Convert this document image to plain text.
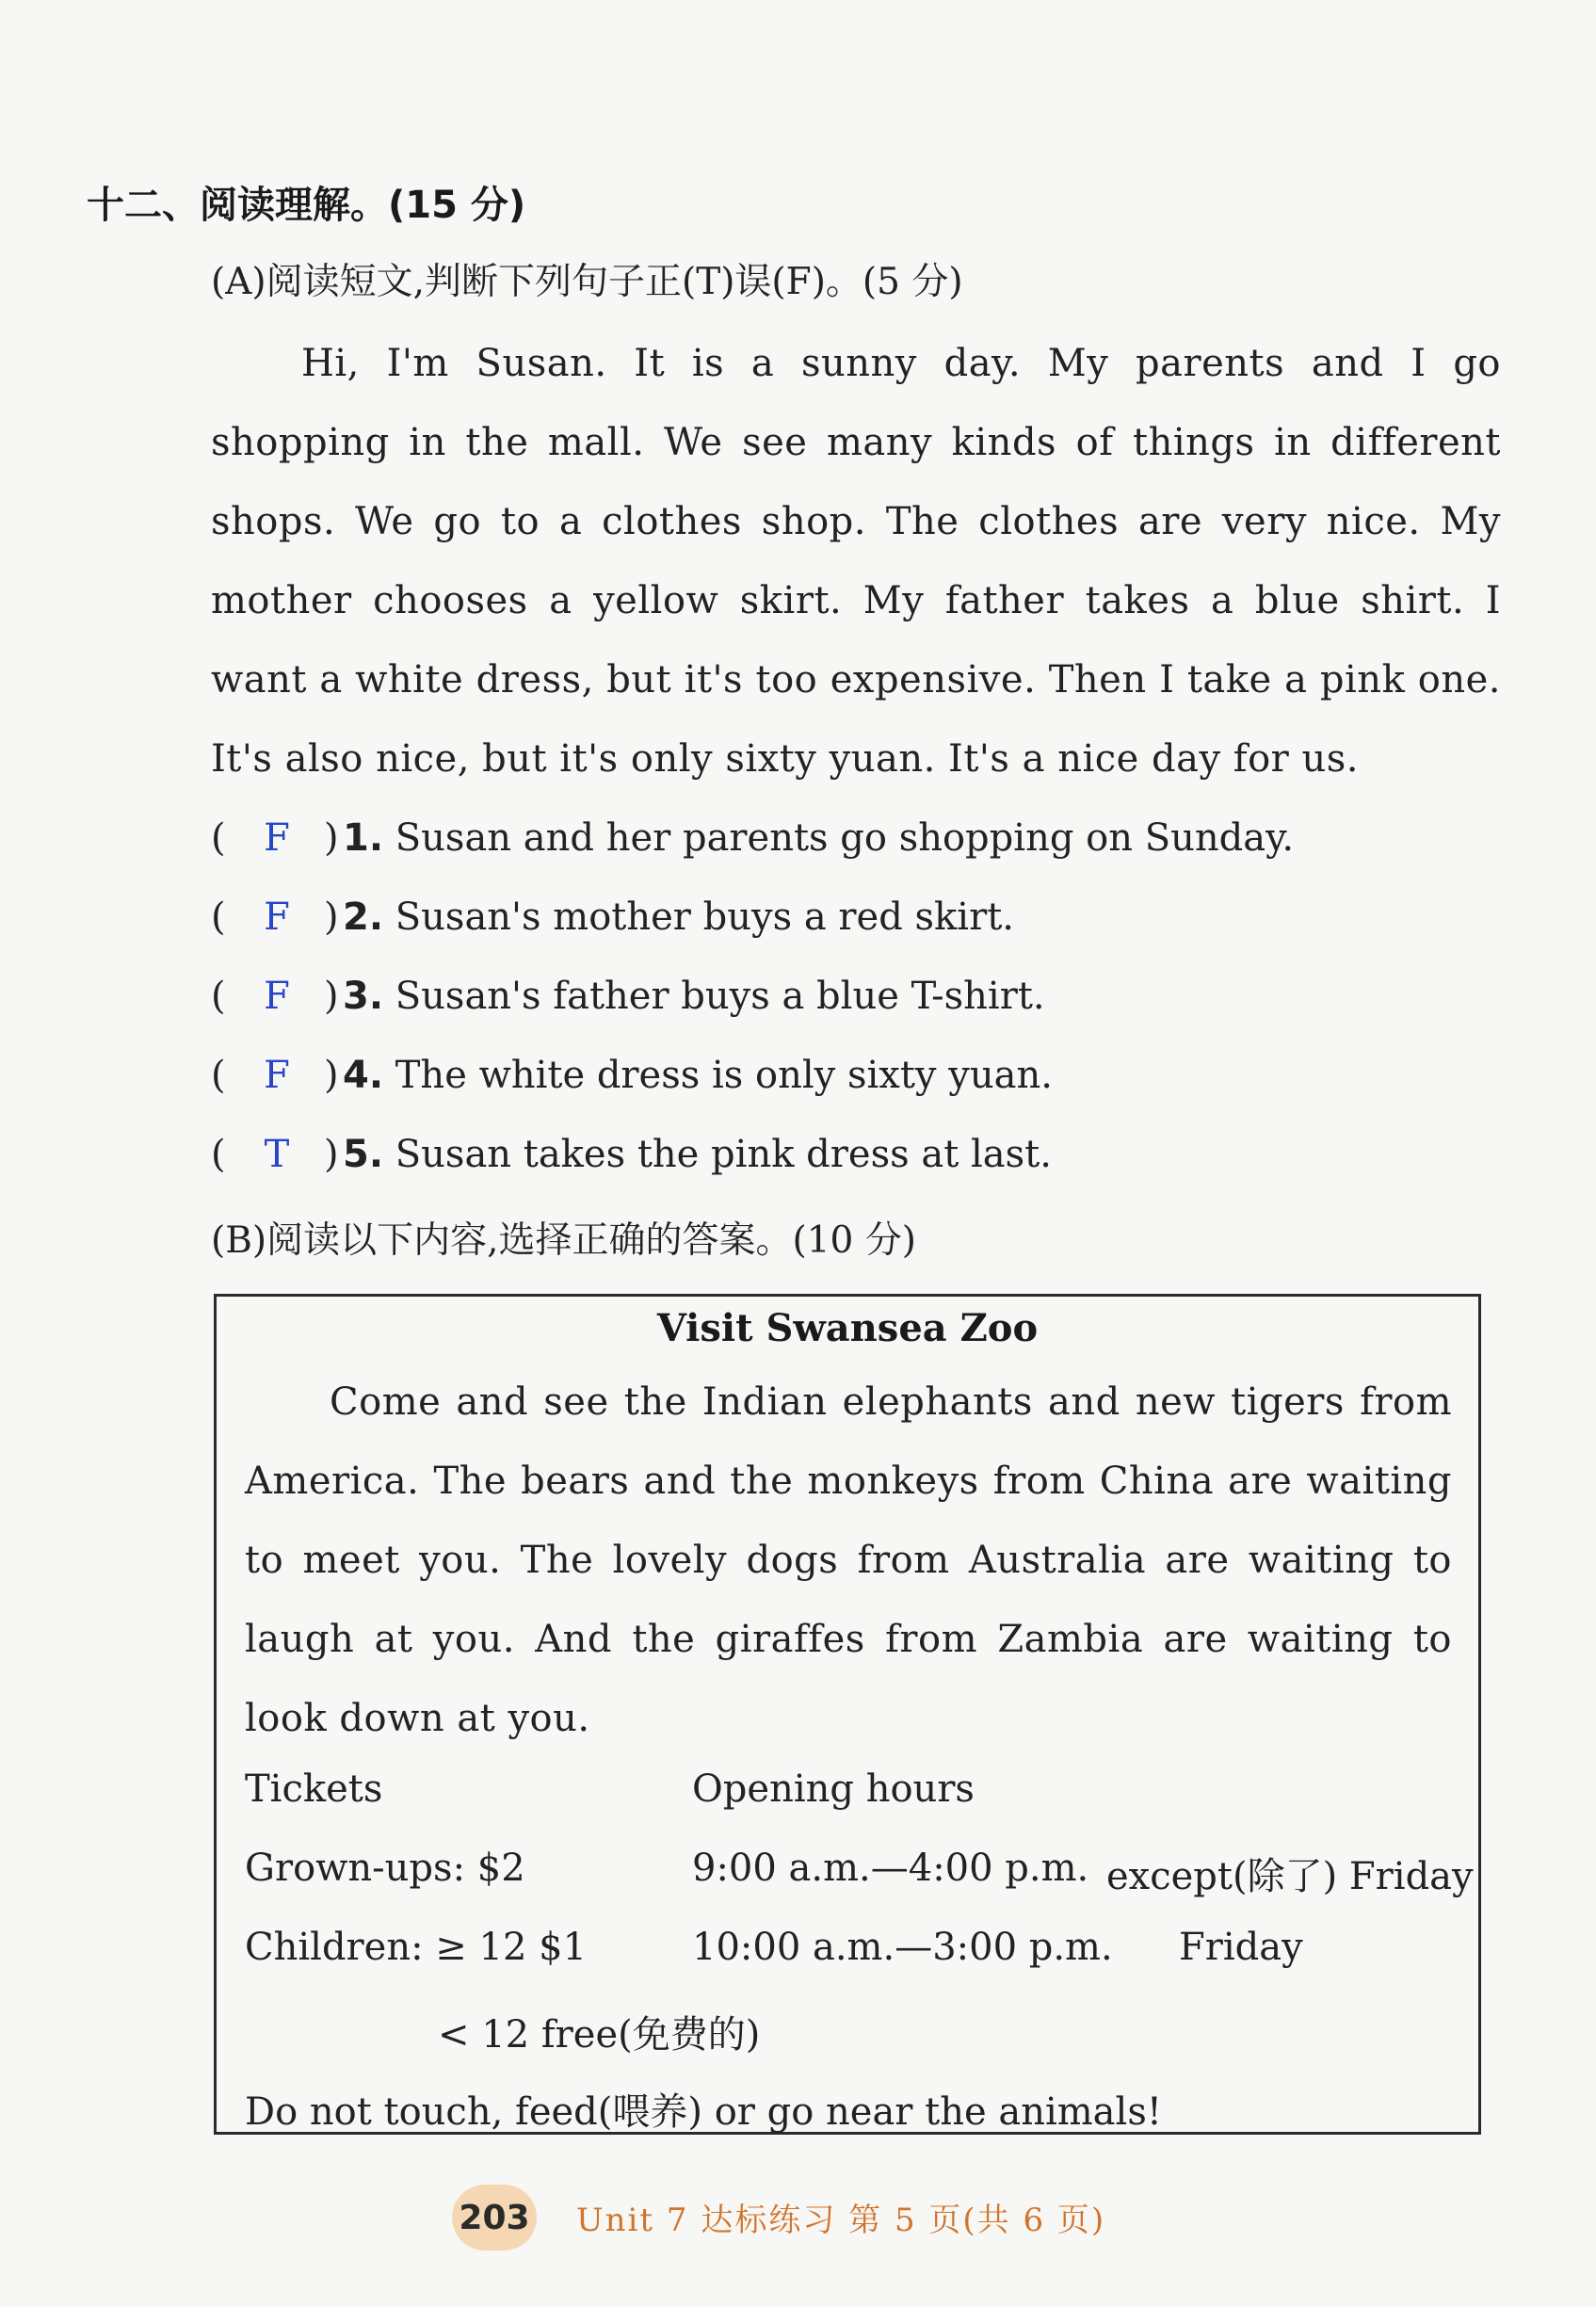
十二、阅读理解。(15 分)
(A)阅读短文,判断下列句子正(T)误(F)。(5 分)

Hi, I'm Susan. It is a sunny day. My parents and I go shopping in the mall. We see many kinds of things in different shops. We go to a clothes shop. The clothes are very nice. My mother chooses a yellow skirt. My father takes a blue shirt. I want a white dress, but it's too expensive. Then I take a pink one. It's also nice, but it's only sixty yuan. It's a nice day for us.

( F ) 1. Susan and her parents go shopping on Sunday.
( F ) 2. Susan's mother buys a red skirt.
( F ) 3. Susan's father buys a blue T-shirt.
( F ) 4. The white dress is only sixty yuan.
( T ) 5. Susan takes the pink dress at last.
(B)阅读以下内容,选择正确的答案。(10 分)
Visit Swansea Zoo

Come and see the Indian elephants and new tigers from America. The bears and the monkeys from China are waiting to meet you. The lovely dogs from Australia are waiting to laugh at you. And the giraffes from Zambia are waiting to look down at you.

Tickets	Opening hours
Grown-ups: $2	9:00 a.m.—4:00 p.m. except(除了) Friday
Children: ≥ 12 $1	10:00 a.m.—3:00 p.m. Friday
< 12 free(免费的)
Do not touch, feed(喂养) or go near the animals!
203 Unit 7 达标练习 第 5 页(共 6 页)
